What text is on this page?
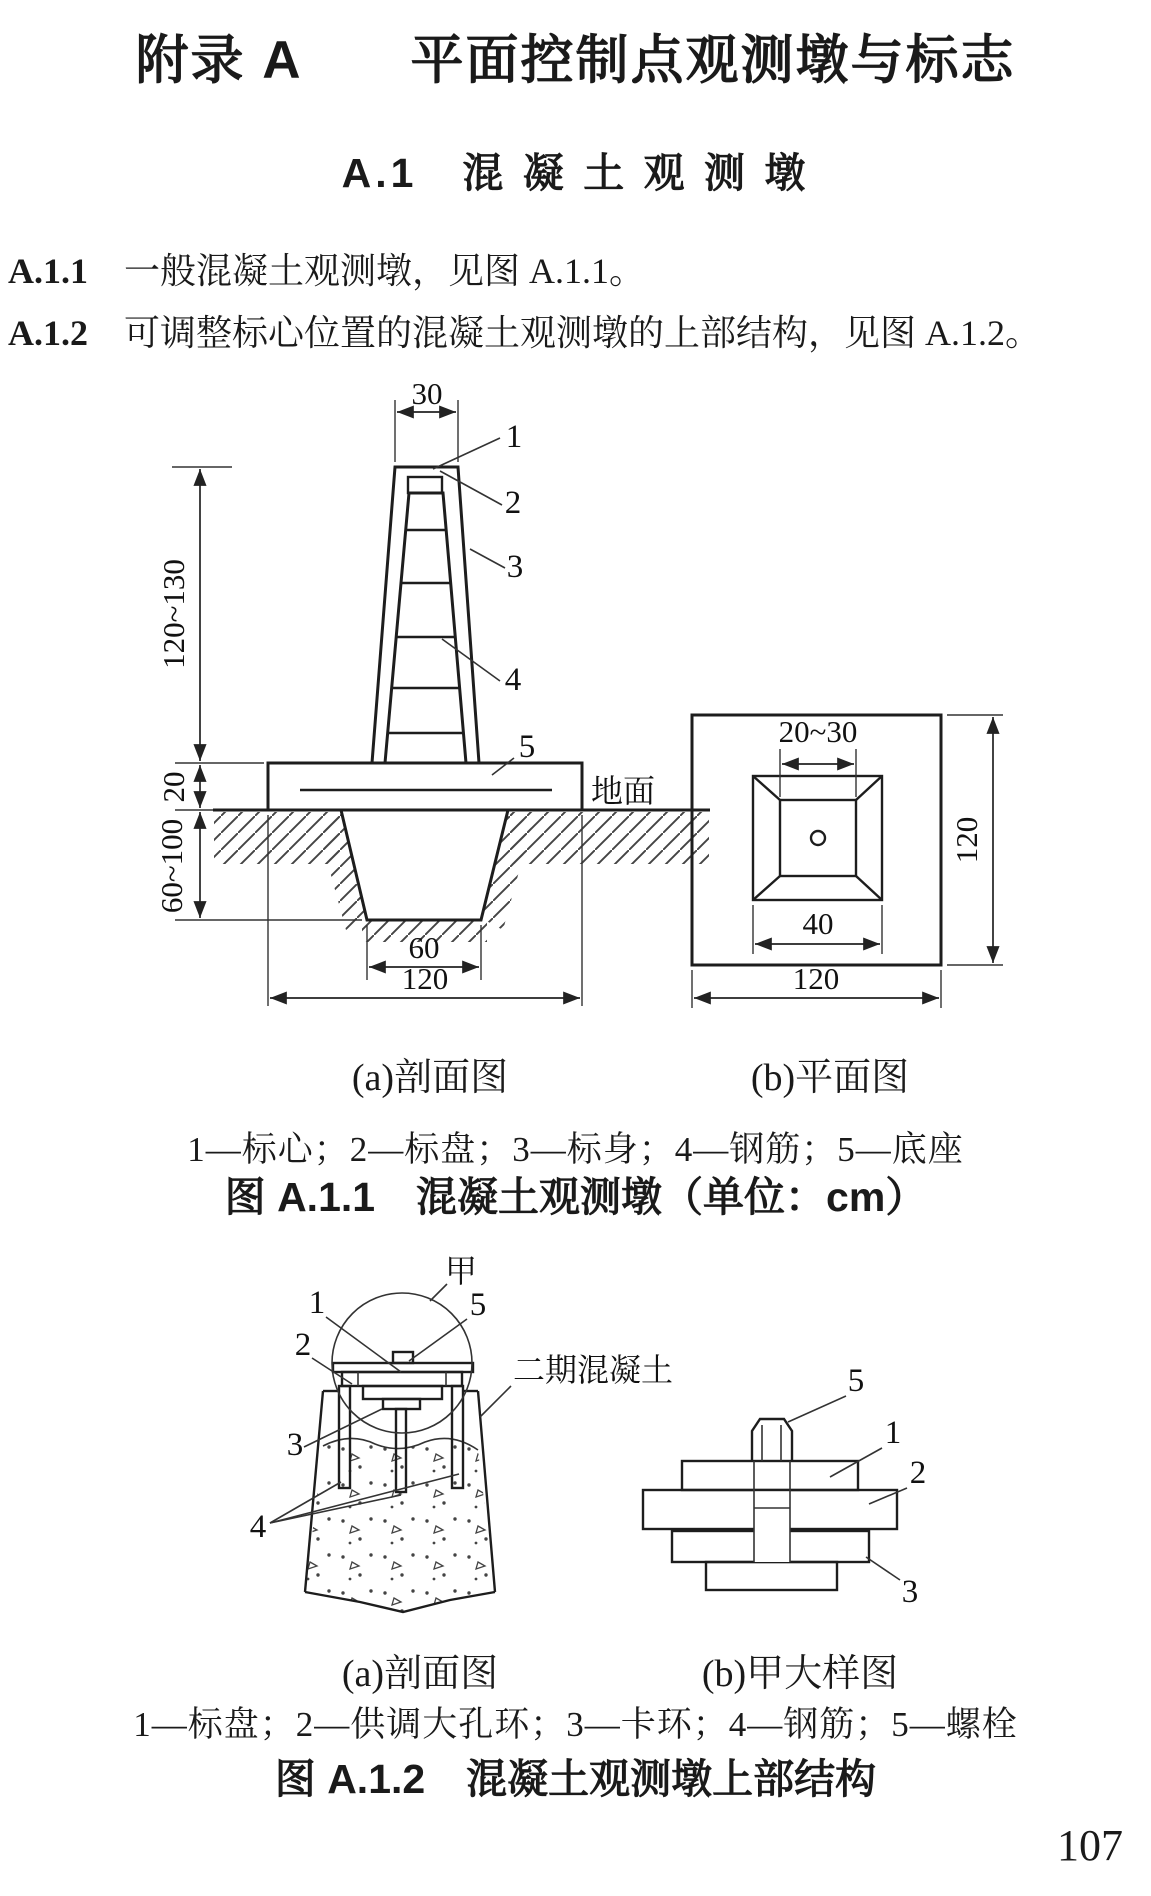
附录 A　　平面控制点观测墩与标志
A.1　混 凝 土 观 测 墩
A.1.1 一般混凝土观测墩，见图 A.1.1。
A.1.2 可调整标心位置的混凝土观测墩的上部结构，见图 A.1.2。
30
120~130
20
60~100
60
120
1
2
3
4
5
地面
20~30
40
120
120
(a)剖面图	(b)平面图
1—标心；2—标盘；3—标身；4—钢筋；5—底座
图 A.1.1　混凝土观测墩（单位：cm）
甲
1	5
2
3
4
二期混凝土	5
1
2
3
(a)剖面图	(b)甲大样图
1—标盘；2—供调大孔环；3—卡环；4—钢筋；5—螺栓
图 A.1.2　混凝土观测墩上部结构
107
